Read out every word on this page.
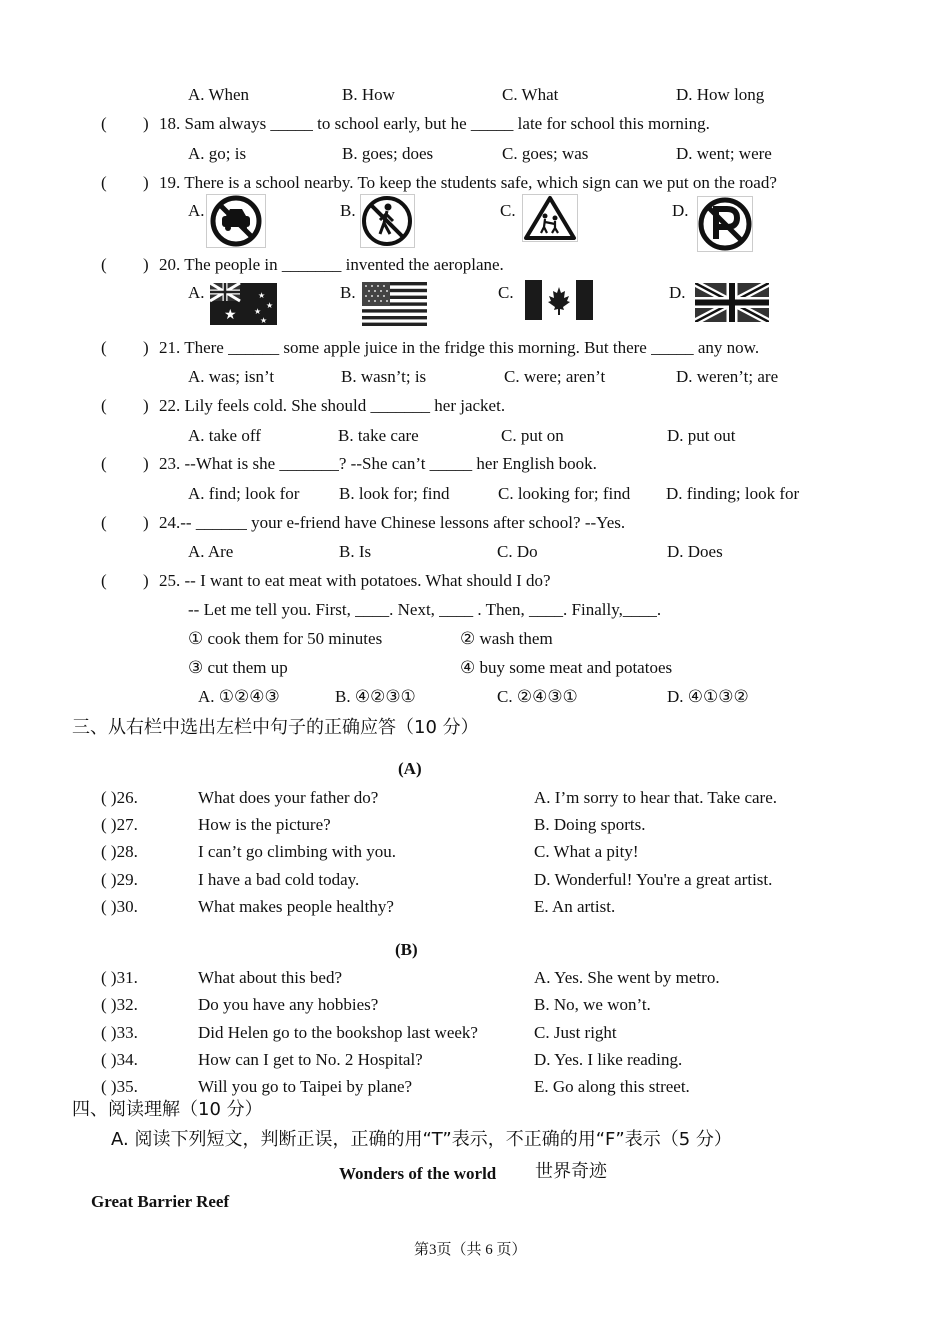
A. When	B. How	C. What	D. How long
( ) 18. Sam always _____ to school early, but he _____ late for school this morning.
A. go; is	B. goes; does	C. goes; was	D. went; were
( ) 19. There is a school nearby. To keep the students safe, which sign can we put on the road?
A.	B.	C.	D.
( ) 20. The people in _______ invented the aeroplane.
A.	B.	C.	D.
★
★
★
★
★
( ) 21. There ______ some apple juice in the fridge this morning. But there _____ any now.
A. was; isn’t	B. wasn’t; is	C. were; aren’t	D. weren’t; are
( ) 22. Lily feels cold. She should _______ her jacket.
A. take off	B. take care	C. put on	D. put out
( ) 23. --What is she _______? --She can’t _____ her English book.
A. find; look for B. look for; find	C. looking for; find D. finding; look for
( ) 24.-- ______ your e-friend have Chinese lessons after school? --Yes.
A. Are	B. Is	C. Do	D. Does
( ) 25. -- I want to eat meat with potatoes. What should I do?
-- Let me tell you. First, ____. Next, ____ . Then, ____. Finally,____.
① cook them for 50 minutes	② wash them
③ cut them up	④ buy some meat and potatoes
A. ①②④③	B. ④②③①	C. ②④③①	D. ④①③②
三、从右栏中选出左栏中句子的正确应答（10 分）
(A)
( )26.	What does your father do?	A. I’m sorry to hear that. Take care.
( )27.	How is the picture?	B. Doing sports.
( )28.	I can’t go climbing with you.	C. What a pity!
( )29.	I have a bad cold today.	D. Wonderful! You're a great artist.
( )30.	What makes people healthy?	E. An artist.
(B)
( )31.	What about this bed?	A. Yes. She went by metro.
( )32.	Do you have any hobbies?	B. No, we won’t.
( )33.	Did Helen go to the bookshop last week?	C. Just right
( )34.	How can I get to No. 2 Hospital?	D. Yes. I like reading.
( )35.	Will you go to Taipei by plane?	E. Go along this street.
四、阅读理解（10 分）
A. 阅读下列短文，判断正误，正确的用“T”表示，不正确的用“F”表示（5 分）
Wonders of the world 世界奇迹
Great Barrier Reef
第3页（共 6 页）
